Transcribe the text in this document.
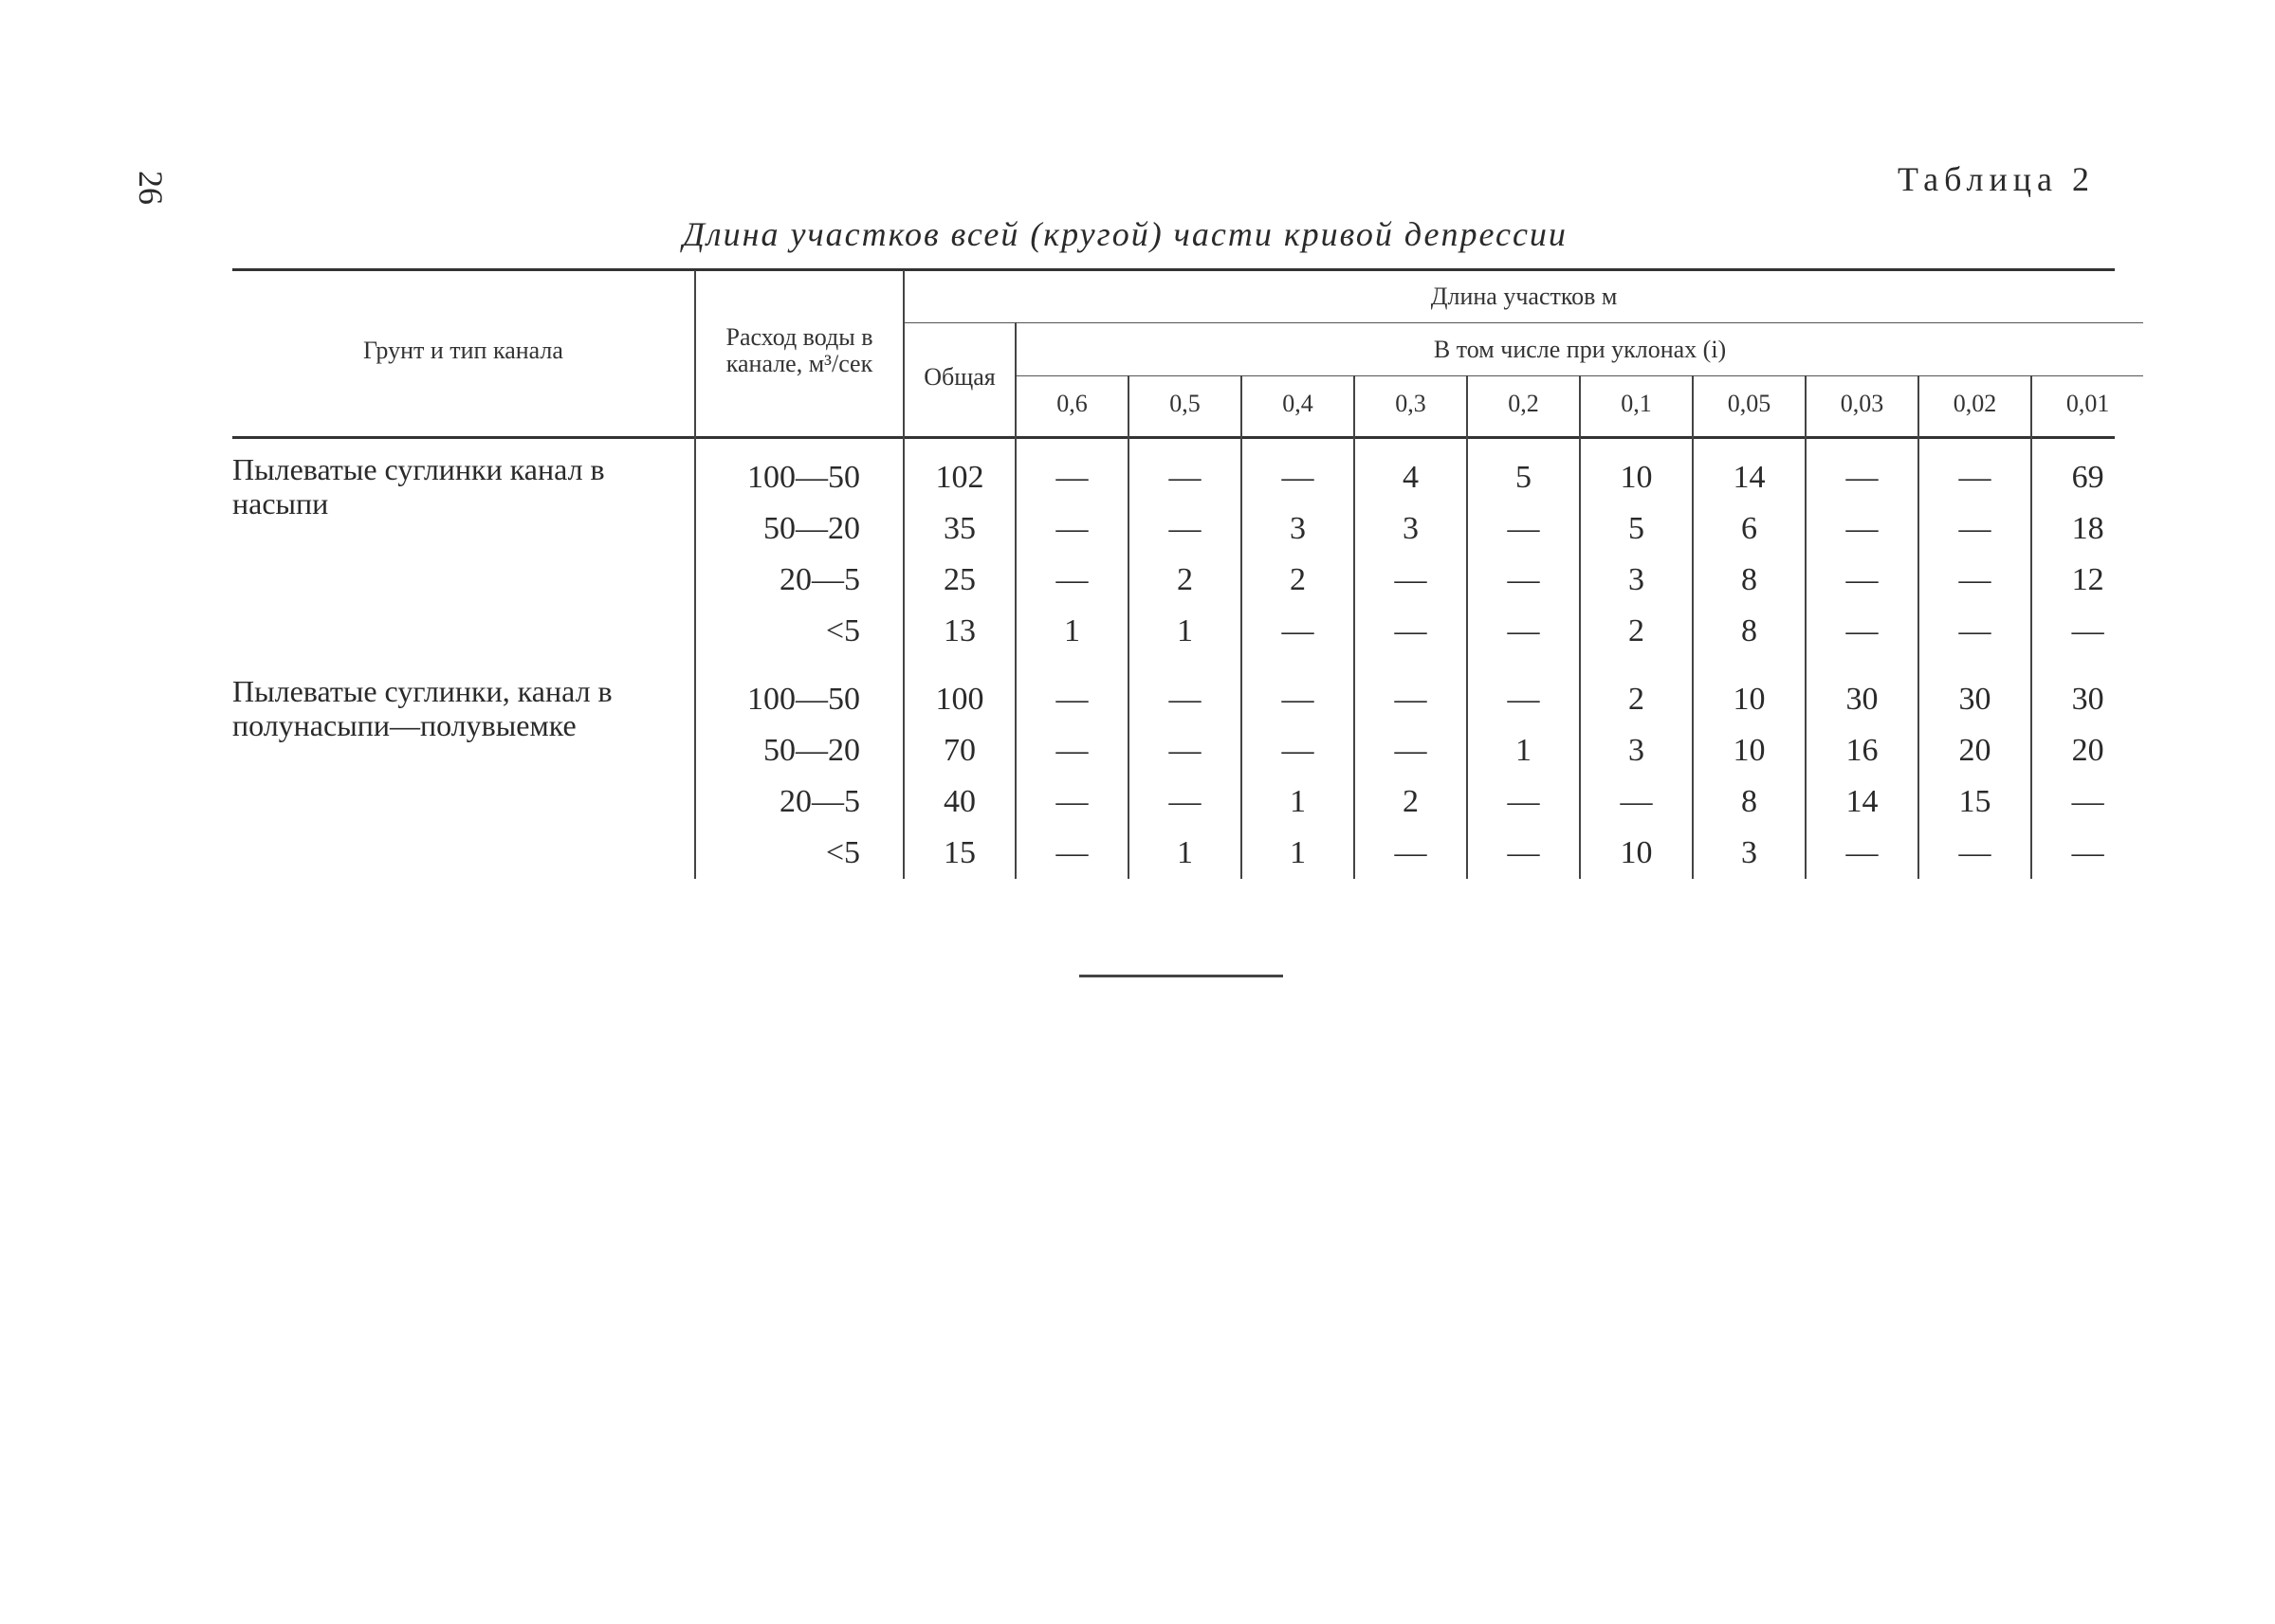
26	Таблица 2
Длина участков всей (кругой) части кривой депрессии
Грунт и тип канала	Расход воды в канале, м³/сек	Длина участков м										
		Общая	В том числе при уклонах (i)									
			0,6	0,5	0,4	0,3	0,2	0,1	0,05	0,03	0,02	0,01
Пылеватые суглинки канал в насыпи	100—50	102	—	—	—	4	5	10	14	—	—	69
	50—20	35	—	—	3	3	—	5	6	—	—	18
	20—5	25	—	2	2	—	—	3	8	—	—	12
	<5	13	1	1	—	—	—	2	8	—	—	—
Пылеватые суглинки, канал в полунасыпи—полувыемке	100—50	100	—	—	—	—	—	2	10	30	30	30
	50—20	70	—	—	—	—	1	3	10	16	20	20
	20—5	40	—	—	1	2	—	—	8	14	15	—
	<5	15	—	1	1	—	—	10	3	—	—	—
